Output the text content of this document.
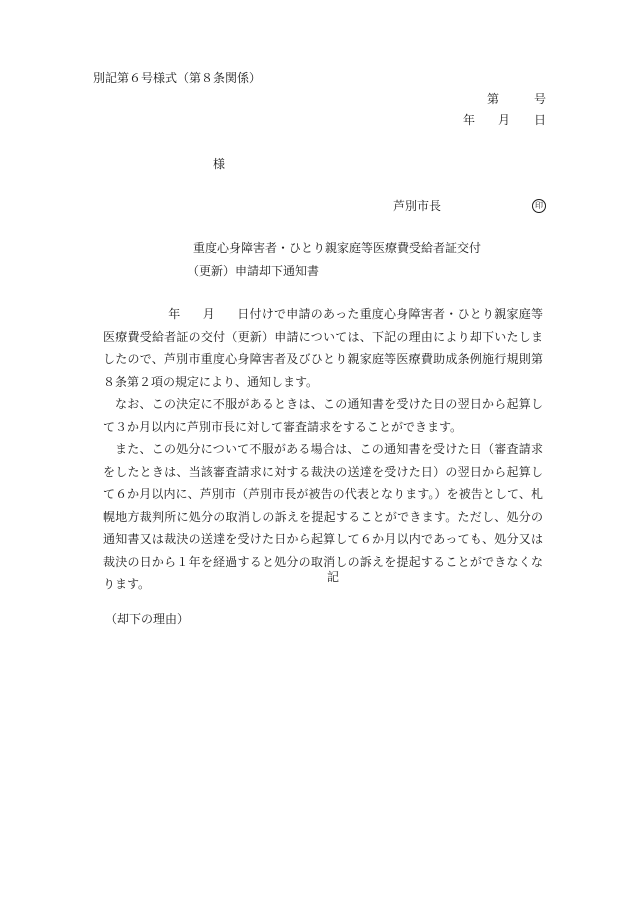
別記第６号様式（第８条関係）
第	号
年 月 日
様
芦別市長	印
重度心身障害者・ひとり親家庭等医療費受給者証交付
（更新）申請却下通知書

年 月 日付けで申請のあった重度心身障害者・ひとり親家庭等医療費受給者証の交付（更新）申請については、下記の理由により却下いたしましたので、芦別市重度心身障害者及びひとり親家庭等医療費助成条例施行規則第８条第２項の規定により、通知します。

なお、この決定に不服があるときは、この通知書を受けた日の翌日から起算して３か月以内に芦別市長に対して審査請求をすることができます。

また、この処分について不服がある場合は、この通知書を受けた日（審査請求をしたときは、当該審査請求に対する裁決の送達を受けた日）の翌日から起算して６か月以内に、芦別市（芦別市長が被告の代表となります。）を被告として、札幌地方裁判所に処分の取消しの訴えを提起することができます。ただし、処分の通知書又は裁決の送達を受けた日から起算して６か月以内であっても、処分又は裁決の日から１年を経過すると処分の取消しの訴えを提起することができなくなります。	記
（却下の理由）
